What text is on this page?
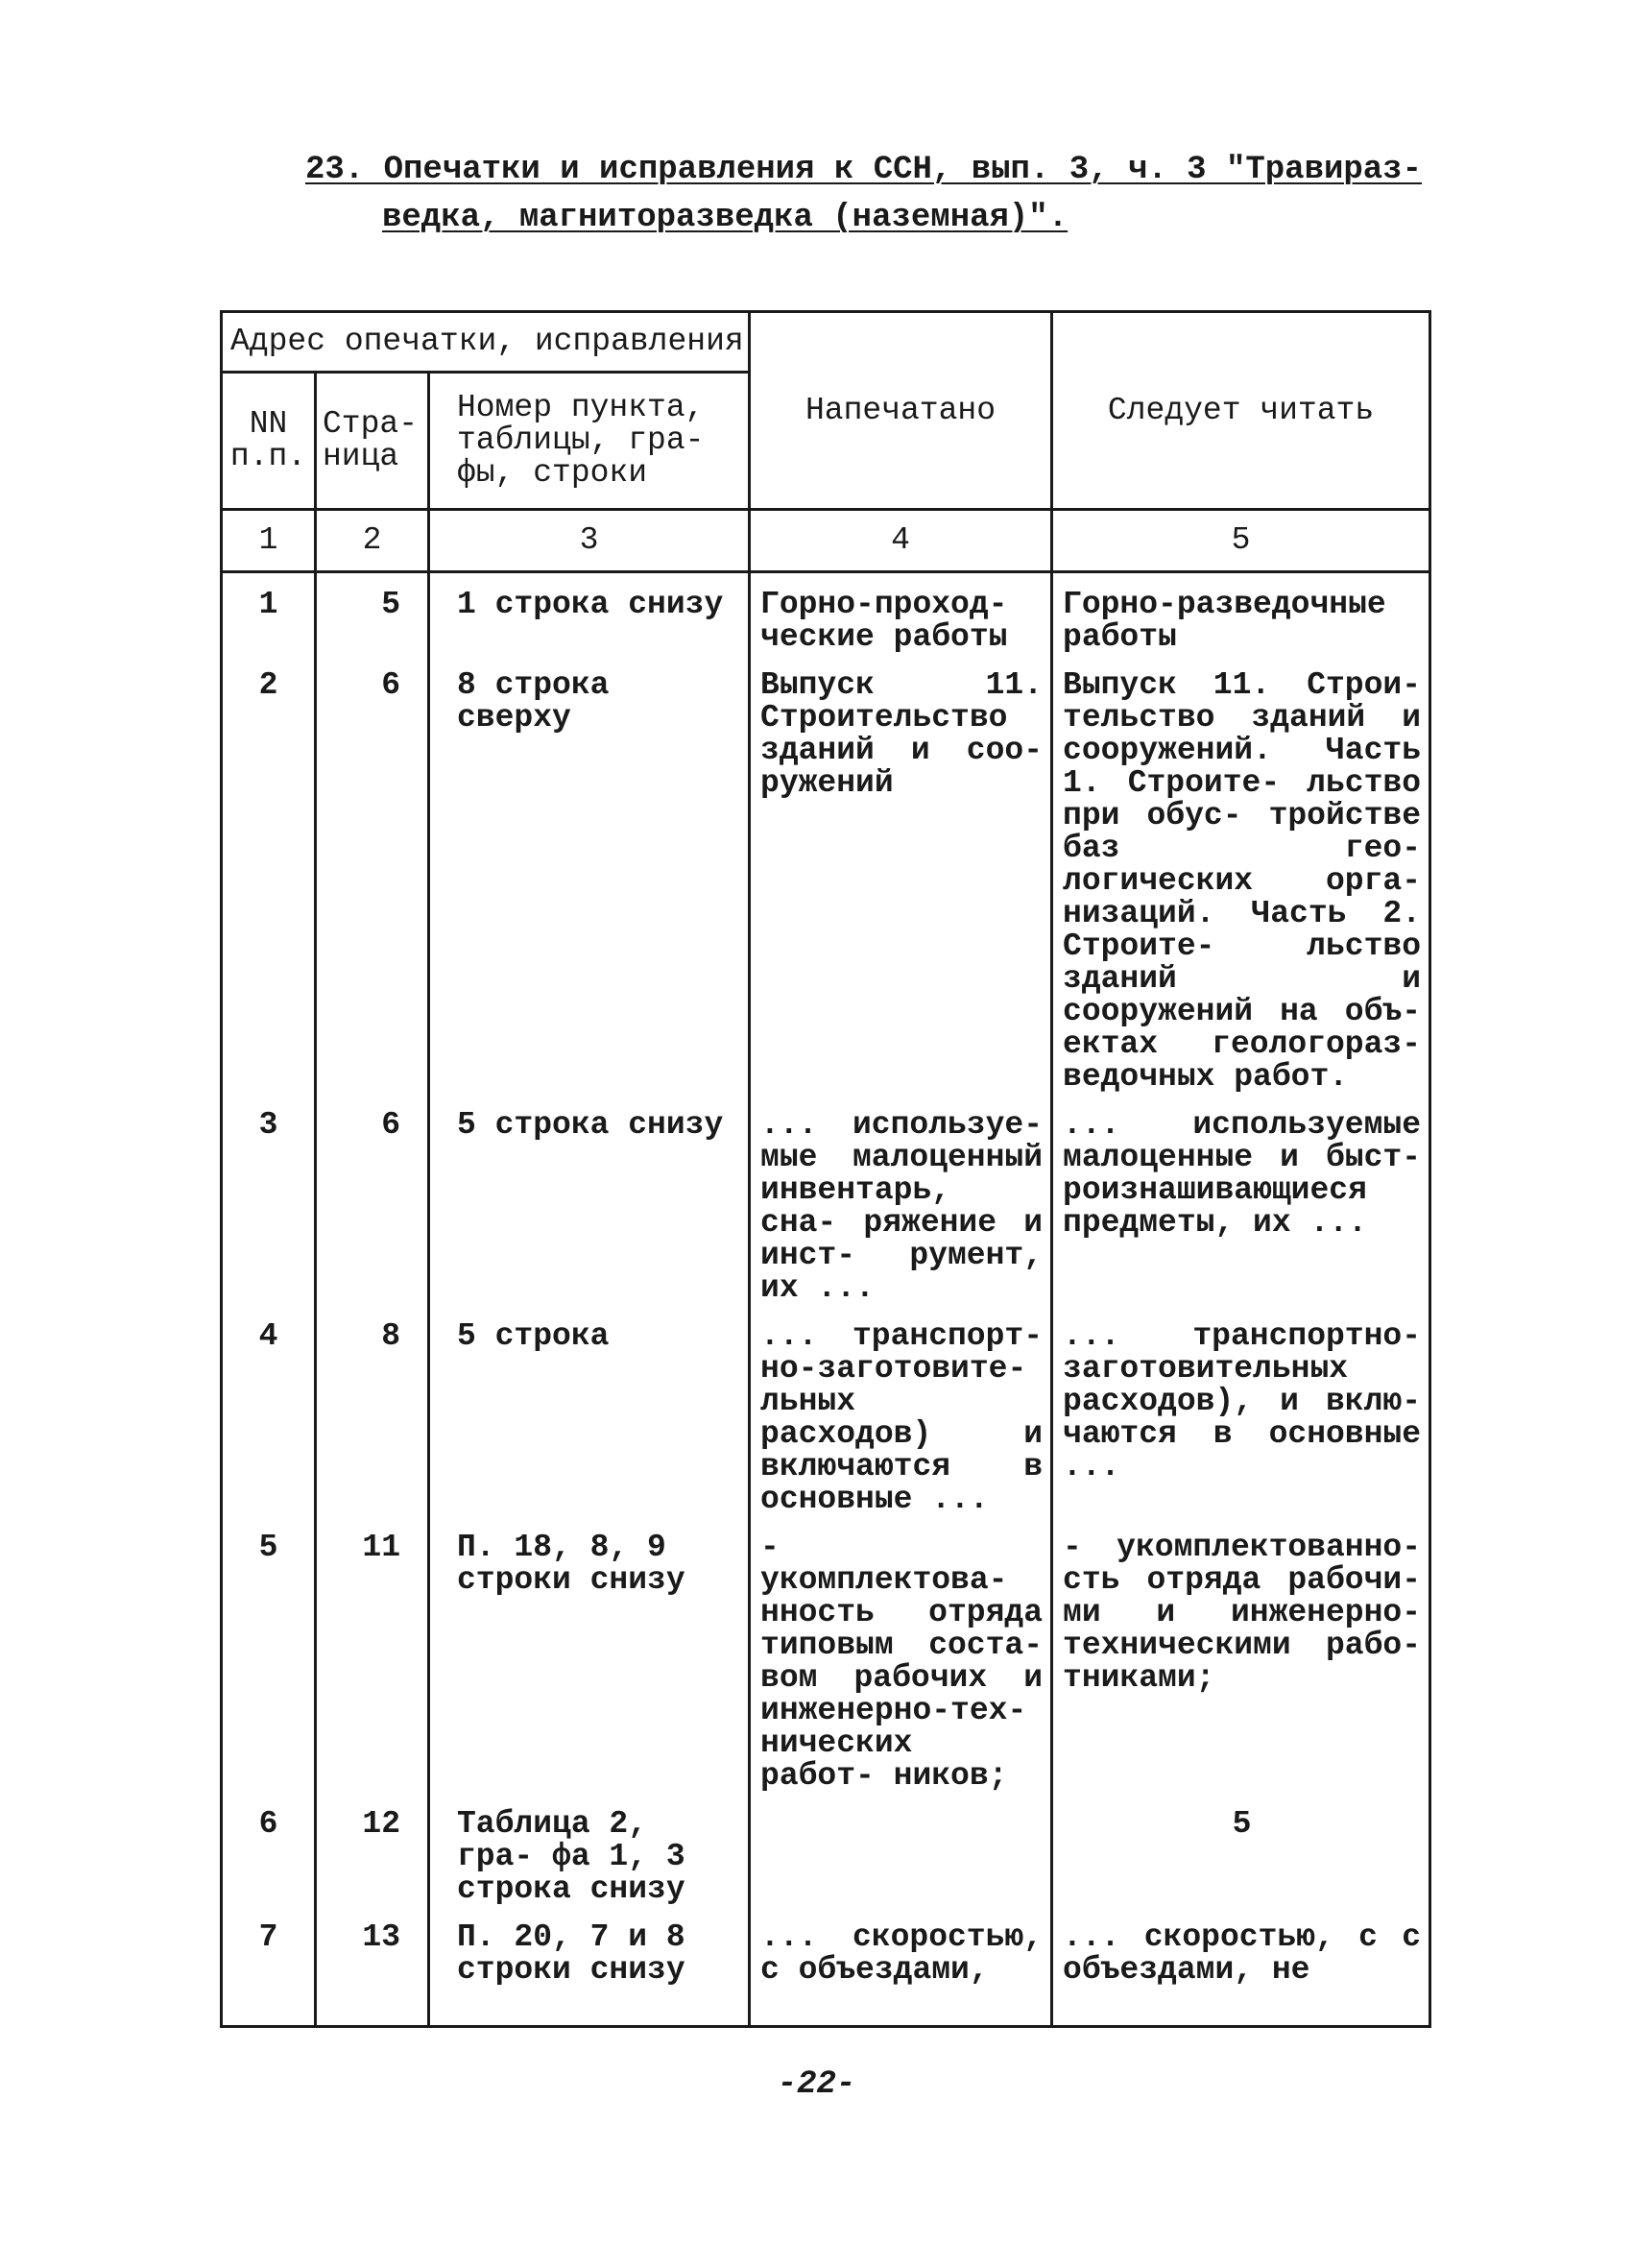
23. Опечатки и исправления к ССН, вып. 3, ч. 3 "Травираз-
ведка, магниторазведка (наземная)".
Адрес опечатки, исправления			Напечатано	Следует читать
NN п.п.	Стра- ница	Номер пункта, таблицы, гра- фы, строки		
1	2	3	4	5

1	5	1 строка снизу	Горно-проход- ческие работы	Горно-разведочные работы

2	6	8 строка сверху	Выпуск 11. Строительство зданий и соо- ружений	Выпуск 11. Строи- тельство зданий и сооружений. Часть 1. Строите- льство при обус- тройстве баз гео- логических орга- низаций. Часть 2. Строите- льство зданий и сооружений на объ- ектах геологораз- ведочных работ.

3	6	5 строка снизу	... используе- мые малоценный инвентарь, сна- ряжение и инст- румент, их ...	... используемые малоценные и быст- роизнашивающиеся предметы, их ...

4	8	5 строка	... транспорт- но-заготовите- льных расходов) и включаются в основные ...	... транспортно- заготовительных расходов), и вклю- чаются в основные ...

5	11	П. 18, 8, 9 строки снизу	- укомплектова- нность отряда типовым соста- вом рабочих и инженерно-тех- нических работ- ников;	- укомплектованно- сть отряда рабочи- ми и инженерно- техническими рабо- тниками;

6	12	Таблица 2, гра- фа 1, 3 строка снизу		5

7	13	П. 20, 7 и 8 строки снизу	... скоростью, с объездами,	... скоростью, с с объездами, не
-22-
